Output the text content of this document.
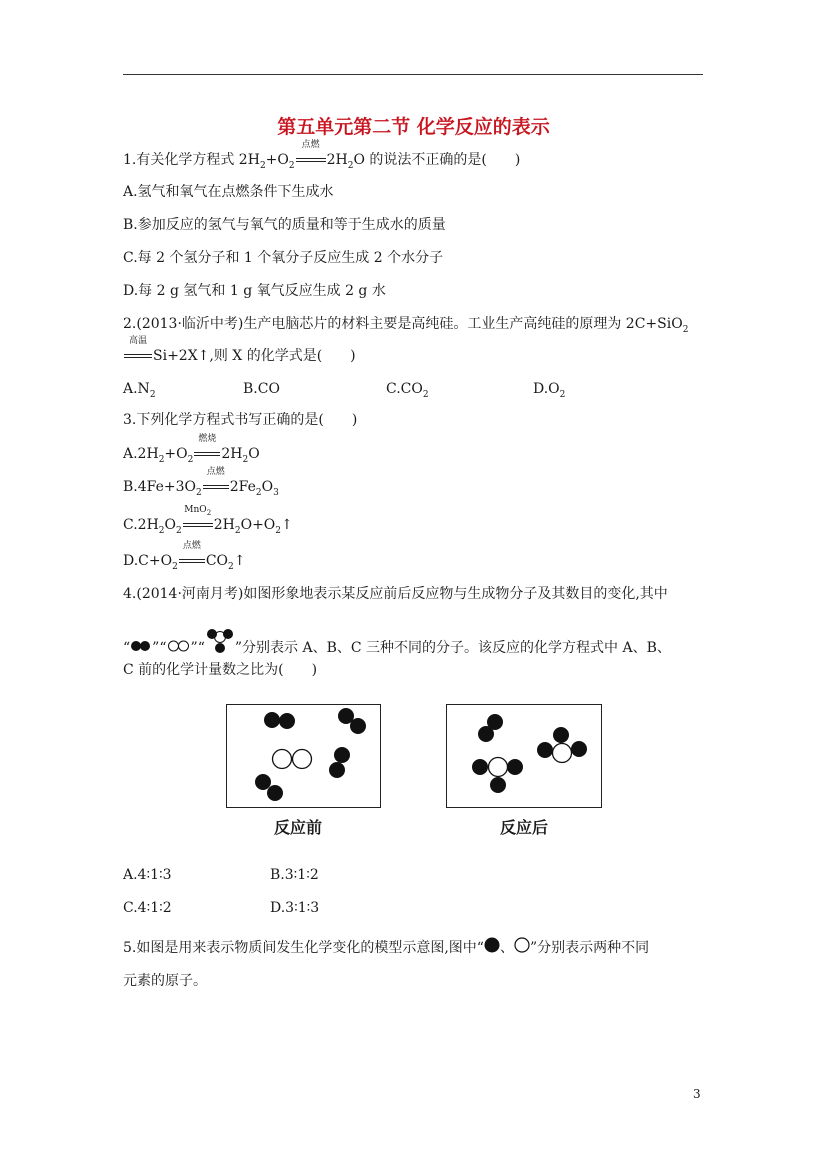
第五单元第二节 化学反应的表示
1.有关化学方程式 $2H_2+O_2$
点燃
$2H_2O$ 的说法不正确的是(　　)
A.氢气和氧气在点燃条件下生成水
B.参加反应的氢气与氧气的质量和等于生成水的质量
C.每 2 个氢分子和 1 个氧分子反应生成 2 个水分子
D.每 2 g 氢气和 1 g 氧气反应生成 2 g 水
2.(2013·临沂中考)生产电脑芯片的材料主要是高纯硅。工业生产高纯硅的原理为 2C+SiO$_2$
高温
Si+2X↑,则 X 的化学式是(　　)
$A.N_2$	B.CO	$C.CO_2$	$D.O_2$
3.下列化学方程式书写正确的是(　　)
$A.2H_2+O_2$
燃烧
$2H_2O$
$B.4Fe+3O_2$
点燃
$2Fe_2O_3$
$C.2H_2O_2$
MnO$_2$
$2H_2O+O_2↑$
$D.C+O_2$
点燃
$CO_2↑$
4.(2014·河南月考)如图形象地表示某反应前后反应物与生成物分子及其数目的变化,其中
“ ”“ ”“ ”分别表示 A、B、C 三种不同的分子。该反应的化学方程式中 A、B、
C 前的化学计量数之比为(　　)
反应前	反应后
A.4∶1∶3	B.3∶1∶2
C.4∶1∶2	D.3∶1∶3
5.如图是用来表示物质间发生化学变化的模型示意图,图中“ 、 ”分别表示两种不同
元素的原子。
3
